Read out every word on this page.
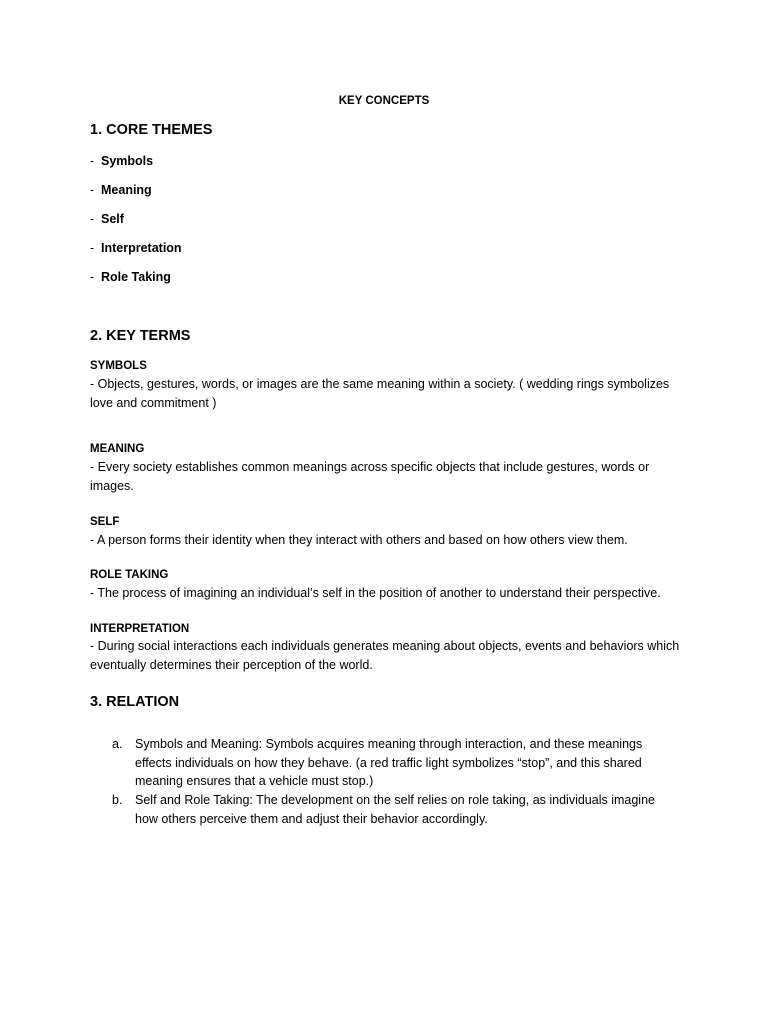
KEY CONCEPTS
1. CORE THEMES
- Symbols
- Meaning
- Self
- Interpretation
- Role Taking
2. KEY TERMS
SYMBOLS
- Objects, gestures, words, or images are the same meaning within a society. ( wedding rings symbolizes love and commitment )
MEANING
- Every society establishes common meanings across specific objects that include gestures, words or images.
SELF
- A person forms their identity when they interact with others and based on how others view them.
ROLE TAKING
- The process of imagining an individual’s self in the position of another to understand their perspective.
INTERPRETATION
- During social interactions each individuals generates meaning about objects, events and behaviors which eventually determines their perception of the world.
3. RELATION
a.	Symbols and Meaning: Symbols acquires meaning through interaction, and these meanings effects individuals on how they behave. (a red traffic light symbolizes “stop”, and this shared meaning ensures that a vehicle must stop.)
b.	Self and Role Taking: The development on the self relies on role taking, as individuals imagine how others perceive them and adjust their behavior accordingly.
